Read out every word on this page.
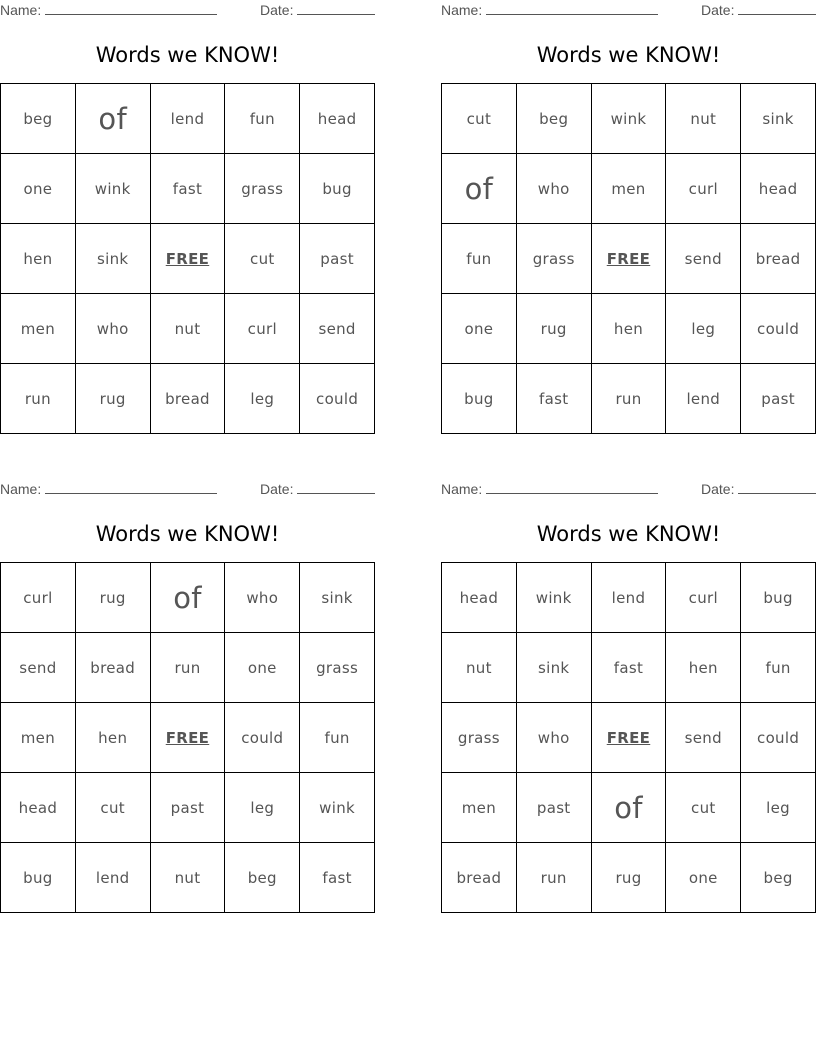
Name:	Date:
Words we KNOW!
beg	of	lend	fun	head
one	wink	fast	grass	bug
hen	sink	FREE	cut	past
men	who	nut	curl	send
run	rug	bread	leg	could
Name:	Date:
Words we KNOW!
cut	beg	wink	nut	sink
of	who	men	curl	head
fun	grass	FREE	send	bread
one	rug	hen	leg	could
bug	fast	run	lend	past
Name:	Date:
Words we KNOW!
curl	rug	of	who	sink
send	bread	run	one	grass
men	hen	FREE	could	fun
head	cut	past	leg	wink
bug	lend	nut	beg	fast
Name:	Date:
Words we KNOW!
head	wink	lend	curl	bug
nut	sink	fast	hen	fun
grass	who	FREE	send	could
men	past	of	cut	leg
bread	run	rug	one	beg
